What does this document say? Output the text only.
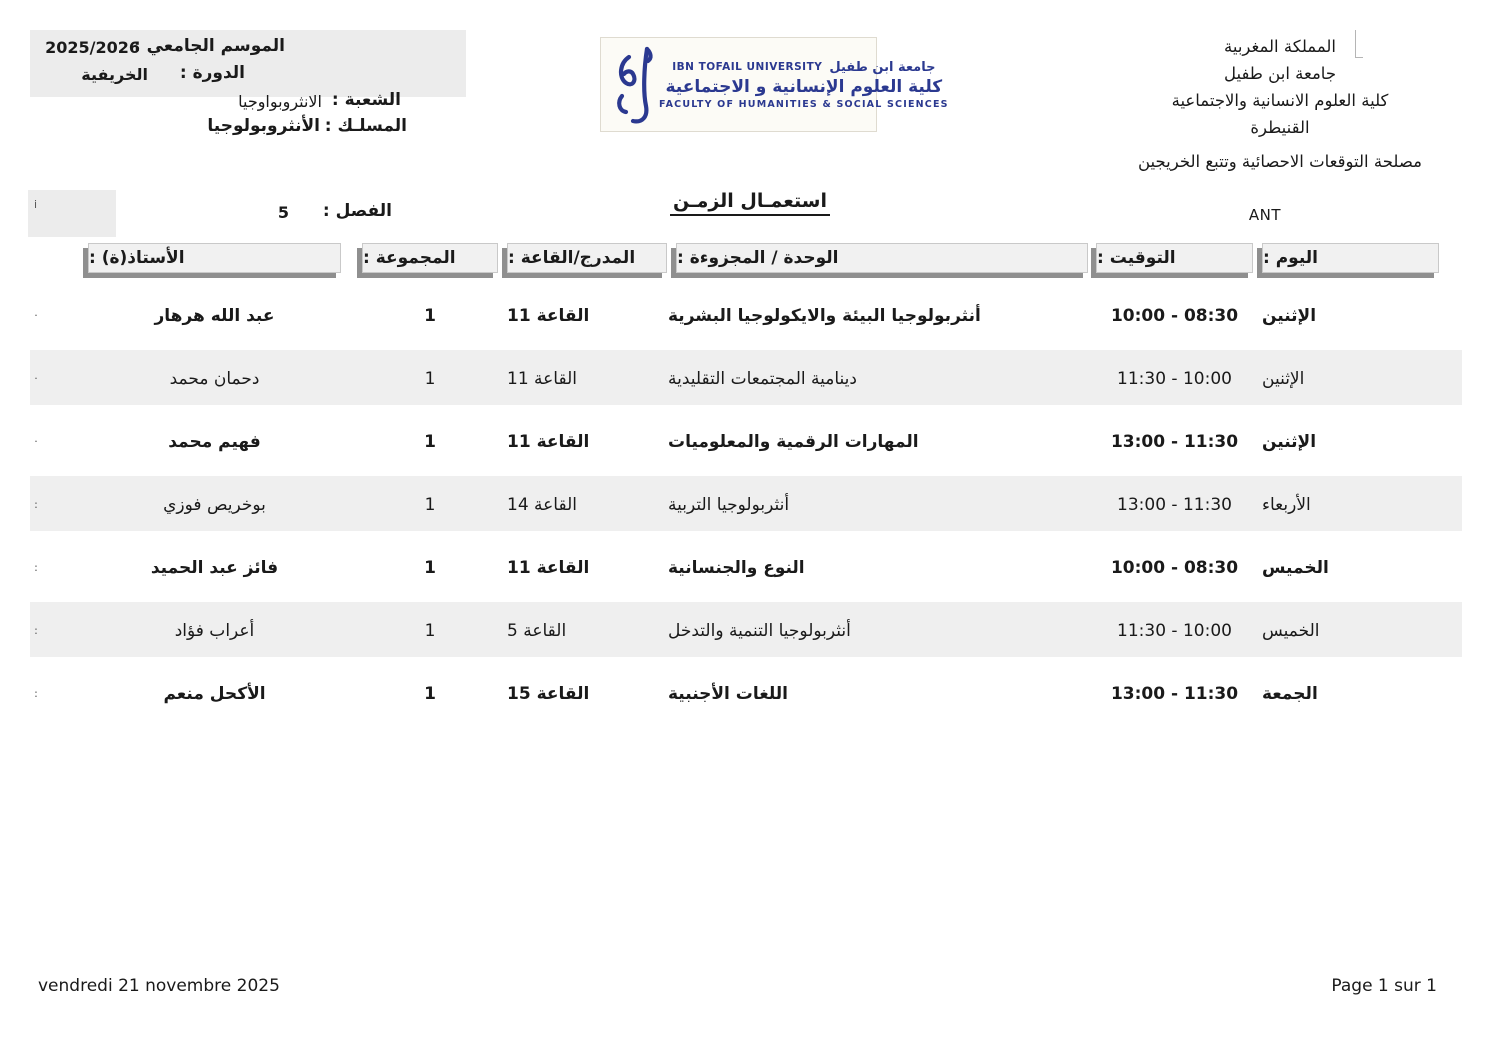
الموسم الجامعي :
2025/2026
الدورة :
الخريفية
الشعبة :
الانثروبواوجيا
المسلـك :
الأنثروبولوجيا
IBN TOFAIL UNIVERSITY جامعة ابن طفيل
كلية العلوم الإنسانية و الاجتماعية
FACULTY OF HUMANITIES & SOCIAL SCIENCES
المملكة المغربية
جامعة ابن طفيل
كلية العلوم الانسانية والاجتماعية
القنيطرة
مصلحة التوقعات الاحصائية وتتبع الخريجين
ANT
استعمـال الزمـن
الفصل :
5
i
الأستاذ(ة) :	المجموعة :	المدرج/القاعة :	الوحدة / المجزوءة :	التوقيت :	اليوم :
·	عبد الله هرهار	1	القاعة 11	أنثربولوجيا البيئة والايكولوجيا البشرية	10:00 - 08:30	الإثنين
·	دحمان محمد	1	القاعة 11	دينامية المجتمعات التقليدية	11:30 - 10:00	الإثنين
·	فهيم محمد	1	القاعة 11	المهارات الرقمية والمعلوميات	13:00 - 11:30	الإثنين
:	بوخريص فوزي	1	القاعة 14	أنثربولوجيا التربية	13:00 - 11:30	الأربعاء
:	فائز عبد الحميد	1	القاعة 11	النوع والجنسانية	10:00 - 08:30	الخميس
:	أعراب فؤاد	1	القاعة 5	أنثربولوجيا التنمية والتدخل	11:30 - 10:00	الخميس
:	الأكحل منعم	1	القاعة 15	اللغات الأجنبية	13:00 - 11:30	الجمعة
vendredi 21 novembre 2025	Page 1 sur 1
